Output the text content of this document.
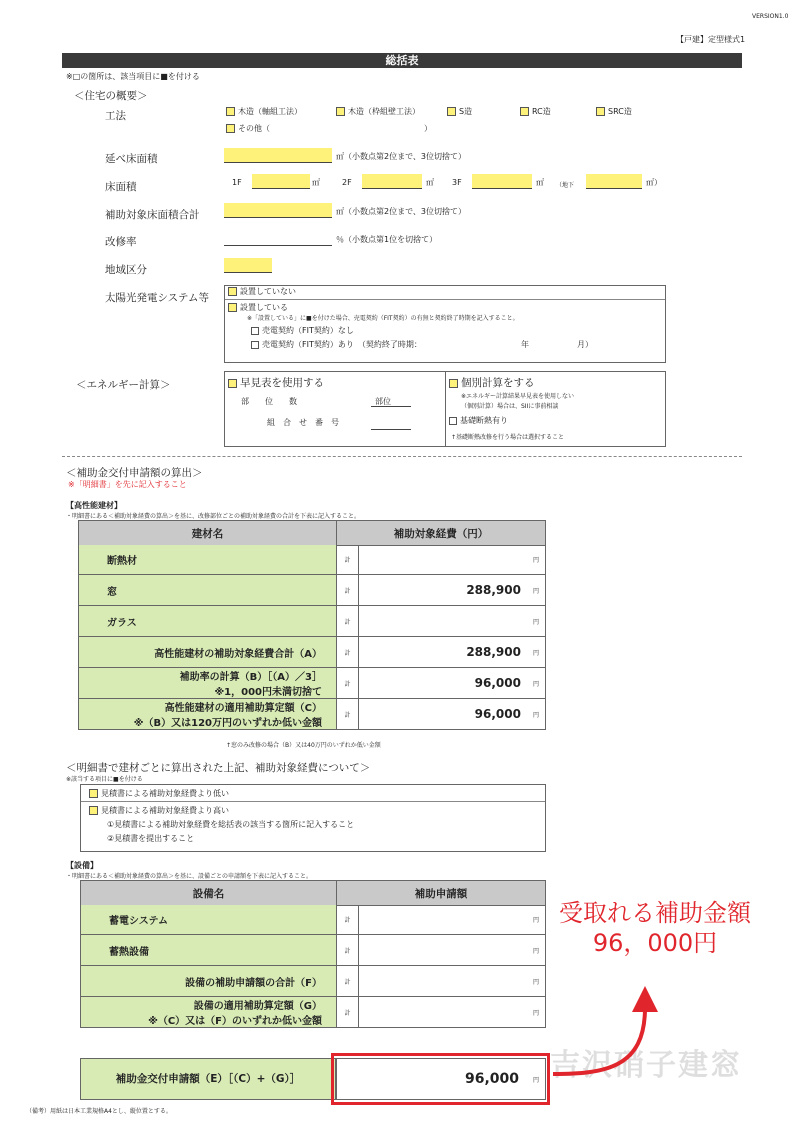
VERSION1.0
【戸建】定型様式1
総括表
※□の箇所は、該当項目に■を付ける
＜住宅の概要＞
工法	木造（軸組工法）	木造（枠組壁工法）	S造	RC造	SRC造
その他（	）
延べ床面積	㎡（小数点第2位まで、3位切捨て）
床面積	1F	㎡	2F	㎡ 3F	㎡ （地下	㎡）
補助対象床面積合計	㎡（小数点第2位まで、3位切捨て）
改修率	％（小数点第1位を切捨て）
地域区分
太陽光発電システム等
設置していない
設置している
※「設置している」に■を付けた場合、売電契約（FIT契約）の有無と契約終了時期を記入すること。
売電契約（FIT契約）なし
売電契約（FIT契約）あり　（契約終了時期：	年	月）
＜エネルギー計算＞	早見表を使用する
部　　位　　数	部位
組　合　せ　番　号
個別計算をする
※エネルギー計算結果早見表を使用しない
（個別計算）場合は、SIIに事前相談
基礎断熱有り
↑基礎断熱改修を行う場合は選択すること
＜補助金交付申請額の算出＞
※「明細書」を先に記入すること
【高性能建材】
・明細書にある＜補助対象経費の算出＞を基に、改修部位ごとの補助対象経費の合計を下表に記入すること。
建材名	補助対象経費（円）
断熱材	計	円
窓	計	288,900 円
ガラス	計	円
高性能建材の補助対象経費合計（A）	計	288,900 円
補助率の計算（B）［（A）／3］
※1，000円未満切捨て
計	96,000 円
高性能建材の適用補助算定額（C）
※（B）又は120万円のいずれか低い金額
計	96,000 円
↑窓のみ改修の場合（B）又は40万円のいずれか低い金額
＜明細書で建材ごとに算出された上記、補助対象経費について＞
※該当する項目に■を付ける
見積書による補助対象経費より低い
見積書による補助対象経費より高い
①見積書による補助対象経費を総括表の該当する箇所に記入すること
②見積書を提出すること
【設備】
・明細書にある＜補助対象経費の算出＞を基に、設備ごとの申請額を下表に記入すること。
設備名	補助申請額
蓄電システム	計	円
蓄熱設備	計	円
設備の補助申請額の合計（F）	計	円
設備の適用補助算定額（G）
※（C）又は（F）のいずれか低い金額
計	円
補助金交付申請額（E）［（C）+（G）］	96,000 円 吉沢硝子建窓
受取れる補助金額
96，000円
（備考）用紙は日本工業規格A4とし、縦位置とする。
